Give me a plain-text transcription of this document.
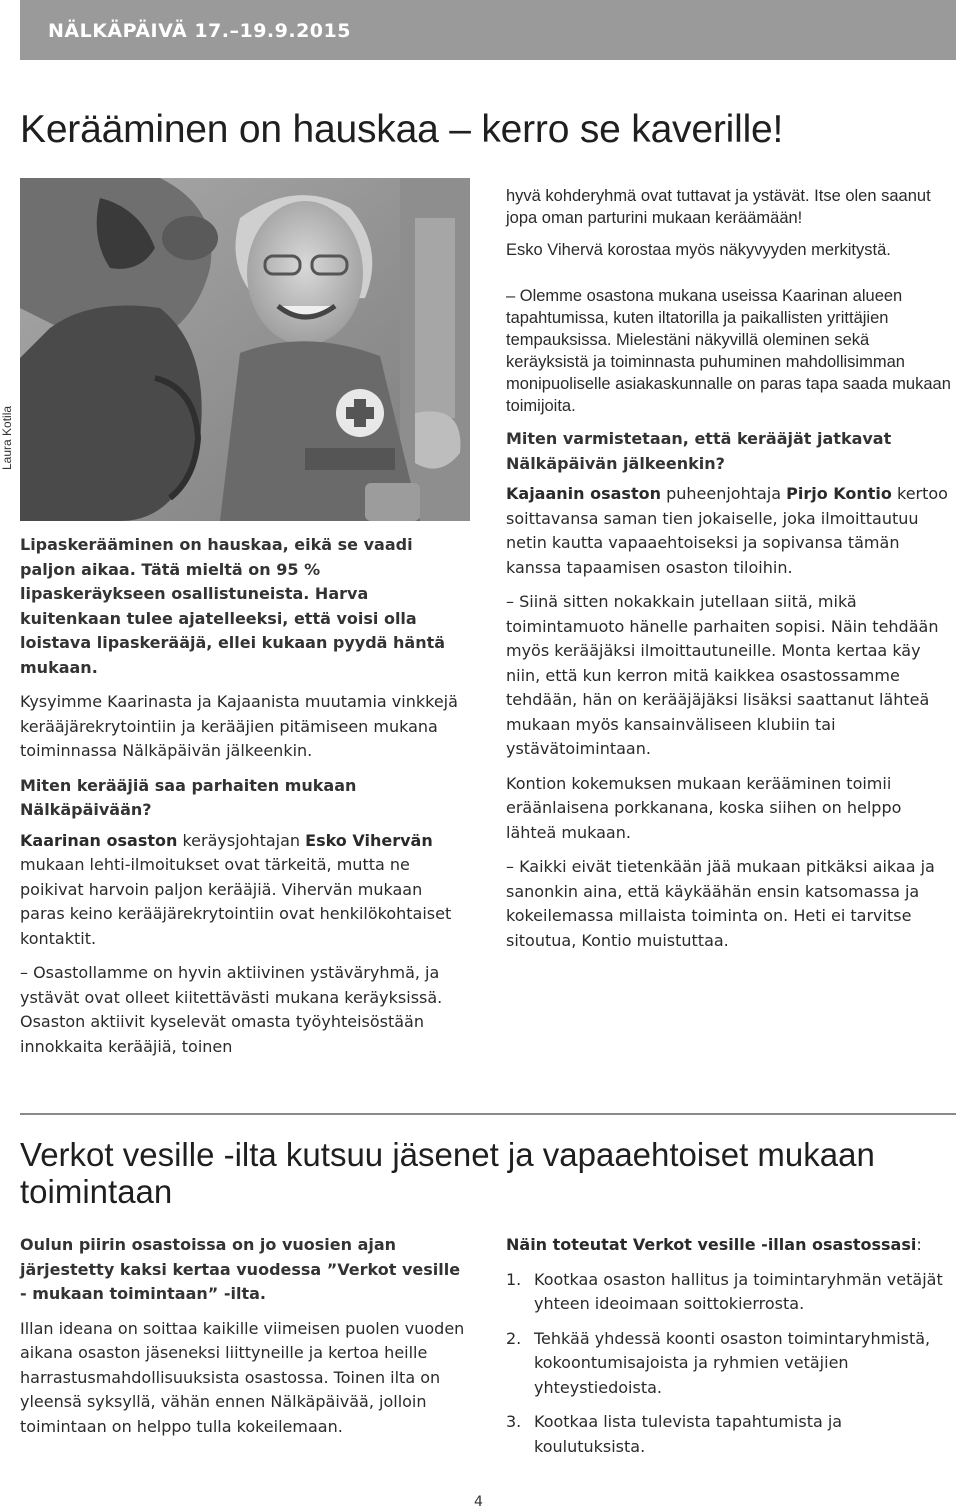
NÄLKÄPÄIVÄ 17.–19.9.2015
Kerääminen on hauskaa – kerro se kaverille!
Laura Kotila

Lipaskerääminen on hauskaa, eikä se vaadi paljon aikaa. Tätä mieltä on 95 % lipaskeräykseen osallistuneista. Harva kuitenkaan tulee ajatelleeksi, että voisi olla loistava lipaskerääjä, ellei kukaan pyydä häntä mukaan.

Kysyimme Kaarinasta ja Kajaanista muutamia vinkkejä kerääjärekrytointiin ja kerääjien pitämiseen mukana toiminnassa Nälkäpäivän jälkeenkin.

Miten kerääjiä saa parhaiten mukaan Nälkäpäivään?

Kaarinan osaston keräysjohtajan Esko Vihervän mukaan lehti-ilmoitukset ovat tärkeitä, mutta ne poikivat harvoin paljon kerääjiä. Vihervän mukaan paras keino kerääjärekrytointiin ovat henkilökohtaiset kontaktit.

– Osastollamme on hyvin aktiivinen ystäväryhmä, ja ystävät ovat olleet kiitettävästi mukana keräyksissä. Osaston aktiivit kyselevät omasta työyhteisöstään innokkaita kerääjiä, toinen

hyvä kohderyhmä ovat tuttavat ja ystävät. Itse olen saanut jopa oman parturini mukaan keräämään!

Esko Vihervä korostaa myös näkyvyyden merkitystä.

– Olemme osastona mukana useissa Kaarinan alueen tapahtumissa, kuten iltatorilla ja paikallisten yrittäjien tempauksissa. Mielestäni näkyvillä oleminen sekä keräyksistä ja toiminnasta puhuminen mahdollisimman monipuoliselle asiakaskunnalle on paras tapa saada mukaan toimijoita.

Miten varmistetaan, että kerääjät jatkavat Nälkäpäivän jälkeenkin?

Kajaanin osaston puheenjohtaja Pirjo Kontio kertoo soittavansa saman tien jokaiselle, joka ilmoittautuu netin kautta vapaaehtoiseksi ja sopivansa tämän kanssa tapaamisen osaston tiloihin.

– Siinä sitten nokakkain jutellaan siitä, mikä toimintamuoto hänelle parhaiten sopisi. Näin tehdään myös kerääjäksi ilmoittautuneille. Monta kertaa käy niin, että kun kerron mitä kaikkea osastossamme tehdään, hän on kerääjäjäksi lisäksi saattanut lähteä mukaan myös kansainväliseen klubiin tai ystävätoimintaan.

Kontion kokemuksen mukaan kerääminen toimii eräänlaisena porkkanana, koska siihen on helppo lähteä mukaan.

– Kaikki eivät tietenkään jää mukaan pitkäksi aikaa ja sanonkin aina, että käykäähän ensin katsomassa ja kokeilemassa millaista toiminta on. Heti ei tarvitse sitoutua, Kontio muistuttaa.

Verkot vesille -ilta kutsuu jäsenet ja vapaaehtoiset mukaan toimintaan

Oulun piirin osastoissa on jo vuosien ajan järjestetty kaksi kertaa vuodessa ”Verkot vesille - mukaan toimintaan” -ilta.

Illan ideana on soittaa kaikille viimeisen puolen vuoden aikana osaston jäseneksi liittyneille ja kertoa heille harrastusmahdollisuuksista osastossa. Toinen ilta on yleensä syksyllä, vähän ennen Nälkäpäivää, jolloin toimintaan on helppo tulla kokeilemaan.

Näin toteutat Verkot vesille -illan osastossasi:

1. Kootkaa osaston hallitus ja toimintaryhmän vetäjät yhteen ideoimaan soittokierrosta.
2. Tehkää yhdessä koonti osaston toimintaryhmistä, kokoontumisajoista ja ryhmien vetäjien yhteystiedoista.
3. Kootkaa lista tulevista tapahtumista ja koulutuksista.
4
